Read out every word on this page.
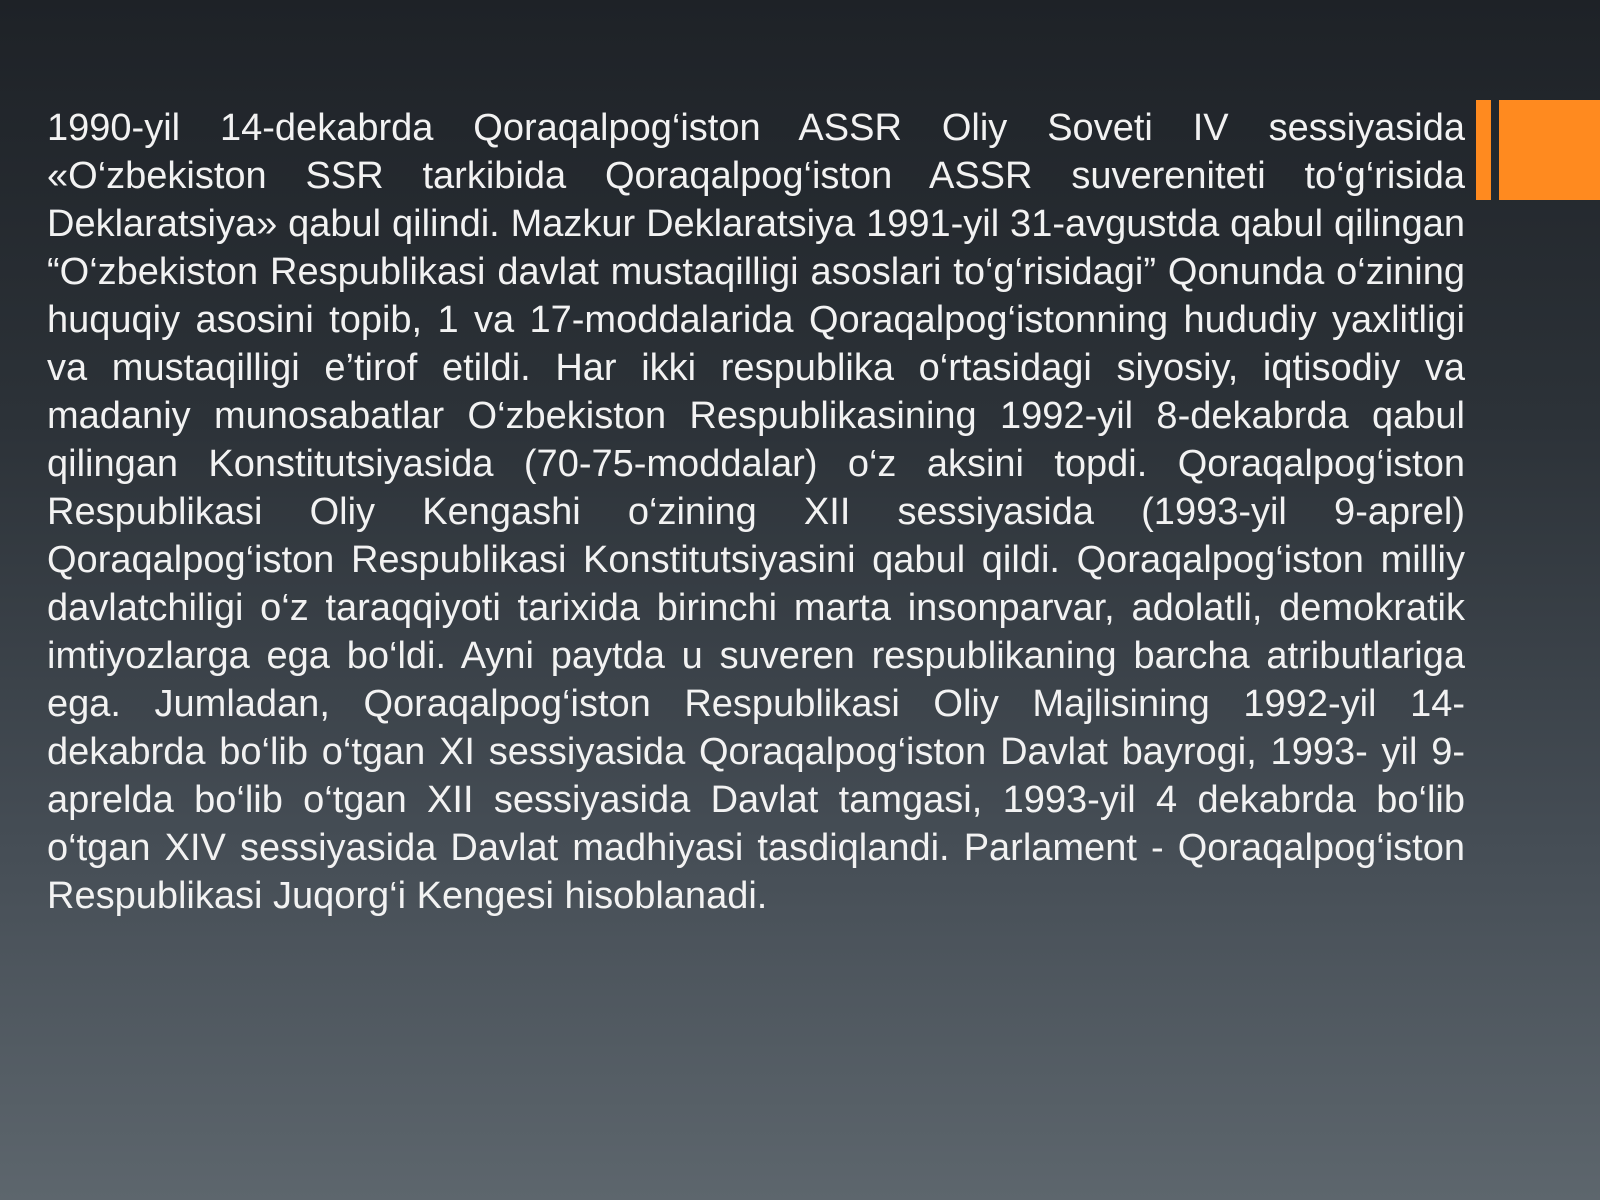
1990-yil 14-dekabrda Qoraqalpog‘iston ASSR Oliy Soveti IV sessiyasida «O‘zbekiston SSR tarkibida Qoraqalpog‘iston ASSR suvereniteti to‘g‘risida Deklaratsiya» qabul qilindi. Mazkur Deklaratsiya 1991-yil 31-avgustda qabul qilingan “O‘zbekiston Respublikasi davlat mustaqilligi asoslari to‘g‘risidagi” Qonunda o‘zining huquqiy asosini topib, 1 va 17-moddalarida Qoraqalpog‘istonning hududiy yaxlitligi va mustaqilligi e’tirof etildi. Har ikki respublika o‘rtasidagi siyosiy, iqtisodiy va madaniy munosabatlar O‘zbekiston Respublikasining 1992-yil 8-dekabrda qabul qilingan Konstitutsiyasida (70-75-moddalar) o‘z aksini topdi. Qoraqalpog‘iston Respublikasi Oliy Kengashi o‘zining XII sessiyasida (1993-yil 9-aprel) Qoraqalpog‘iston Respublikasi Konstitutsiyasini qabul qildi. Qoraqalpog‘iston milliy davlatchiligi o‘z taraqqiyoti tarixida birinchi marta insonparvar, adolatli, demokratik imtiyozlarga ega bo‘ldi. Ayni paytda u suveren respublikaning barcha atributlariga ega. Jumladan, Qoraqalpog‘iston Respublikasi Oliy Majlisining 1992-yil 14- dekabrda bo‘lib o‘tgan XI sessiyasida Qoraqalpog‘iston Davlat bayrogi, 1993- yil 9-aprelda bo‘lib o‘tgan XII sessiyasida Davlat tamgasi, 1993-yil 4 dekabrda bo‘lib o‘tgan XIV sessiyasida Davlat madhiyasi tasdiqlandi. Parlament - Qoraqalpog‘iston Respublikasi Juqorg‘i Kengesi hisoblanadi.
